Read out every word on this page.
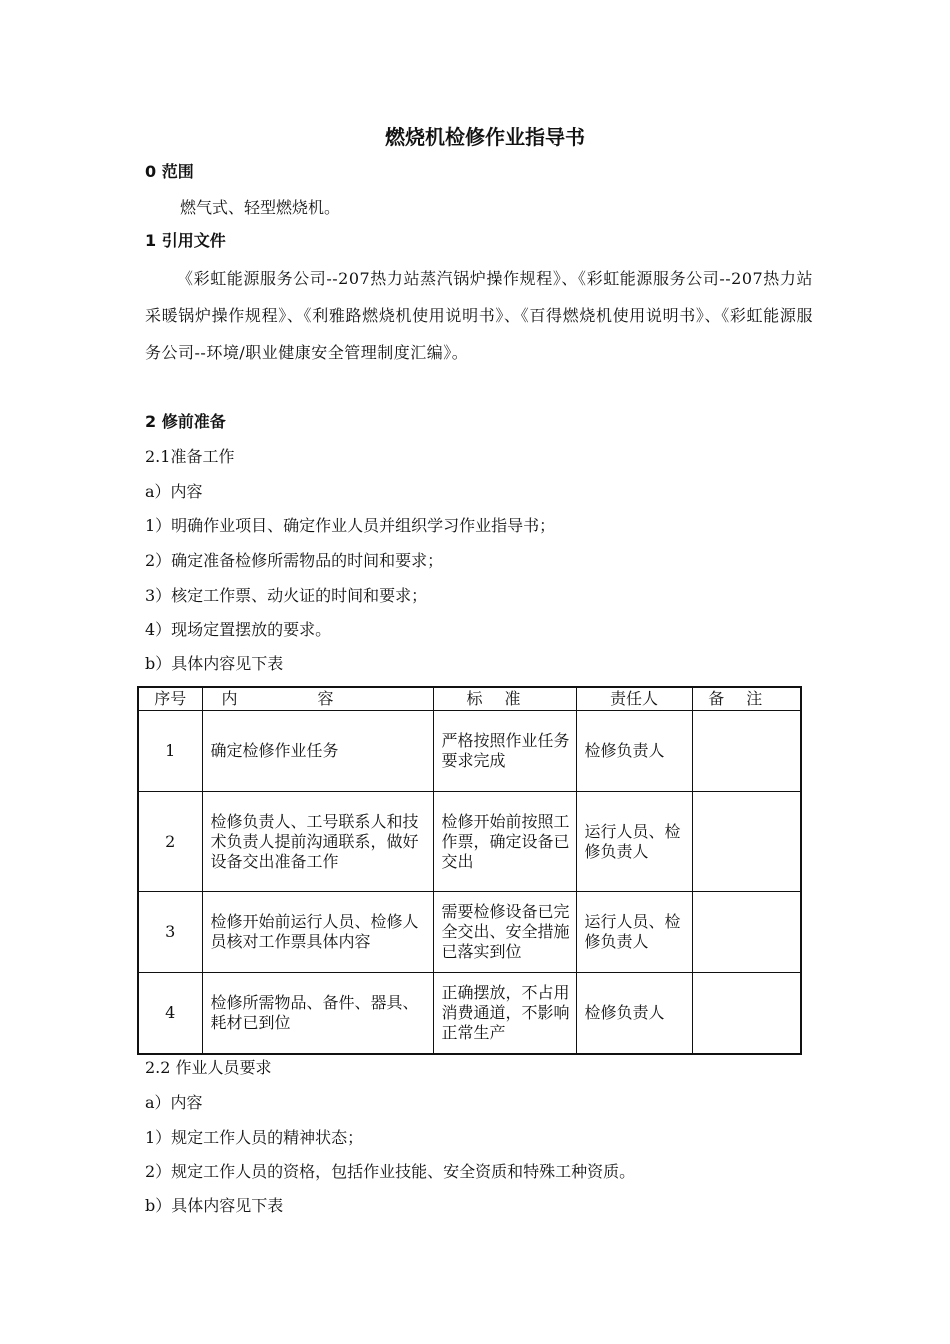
燃烧机检修作业指导书
0 范围
燃气式、轻型燃烧机。
1 引用文件
《彩虹能源服务公司--207热力站蒸汽锅炉操作规程》、《彩虹能源服务公司--207热力站采暖锅炉操作规程》、《利雅路燃烧机使用说明书》、《百得燃烧机使用说明书》、《彩虹能源服务公司--环境/职业健康安全管理制度汇编》。
2 修前准备
2.1准备工作
a）内容
1）明确作业项目、确定作业人员并组织学习作业指导书；
2）确定准备检修所需物品的时间和要求；
3）核定工作票、动火证的时间和要求；
4）现场定置摆放的要求。
b）具体内容见下表
序号	内容	标准	责任人	备注
1	确定检修作业任务	严格按照作业任务要求完成	检修负责人	
2	检修负责人、工号联系人和技术负责人提前沟通联系，做好设备交出准备工作	检修开始前按照工作票，确定设备已交出	运行人员、检修负责人	
3	检修开始前运行人员、检修人员核对工作票具体内容	需要检修设备已完全交出、安全措施已落实到位	运行人员、检修负责人	
4	检修所需物品、备件、器具、耗材已到位	正确摆放，不占用消费通道，不影响正常生产	检修负责人	
2.2 作业人员要求
a）内容
1）规定工作人员的精神状态；
2）规定工作人员的资格，包括作业技能、安全资质和特殊工种资质。
b）具体内容见下表
